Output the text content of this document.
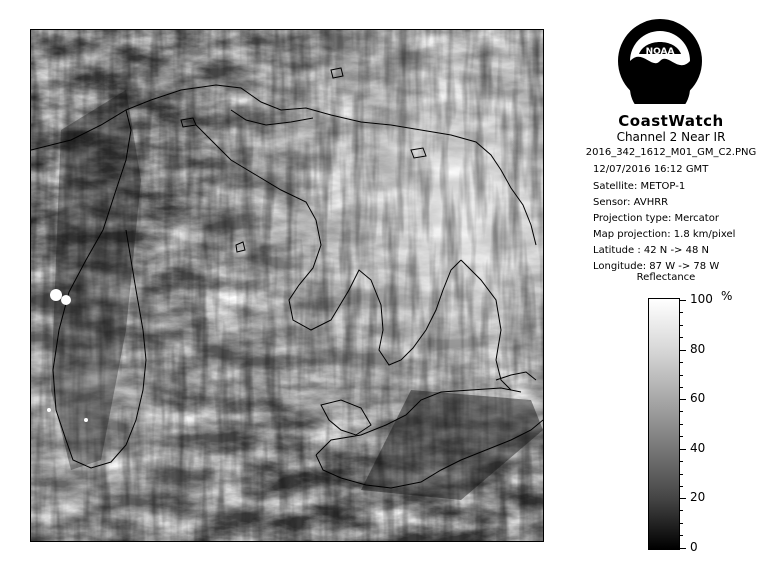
NOAA
CoastWatch
Channel 2 Near IR
2016_342_1612_M01_GM_C2.PNG
12/07/2016 16:12 GMT
Satellite: METOP-1
Sensor: AVHRR
Projection type: Mercator
Map projection: 1.8 km/pixel
Latitude : 42 N -> 48 N
Longitude: 87 W -> 78 W
Reflectance
%
100
80
60
40
20
0
